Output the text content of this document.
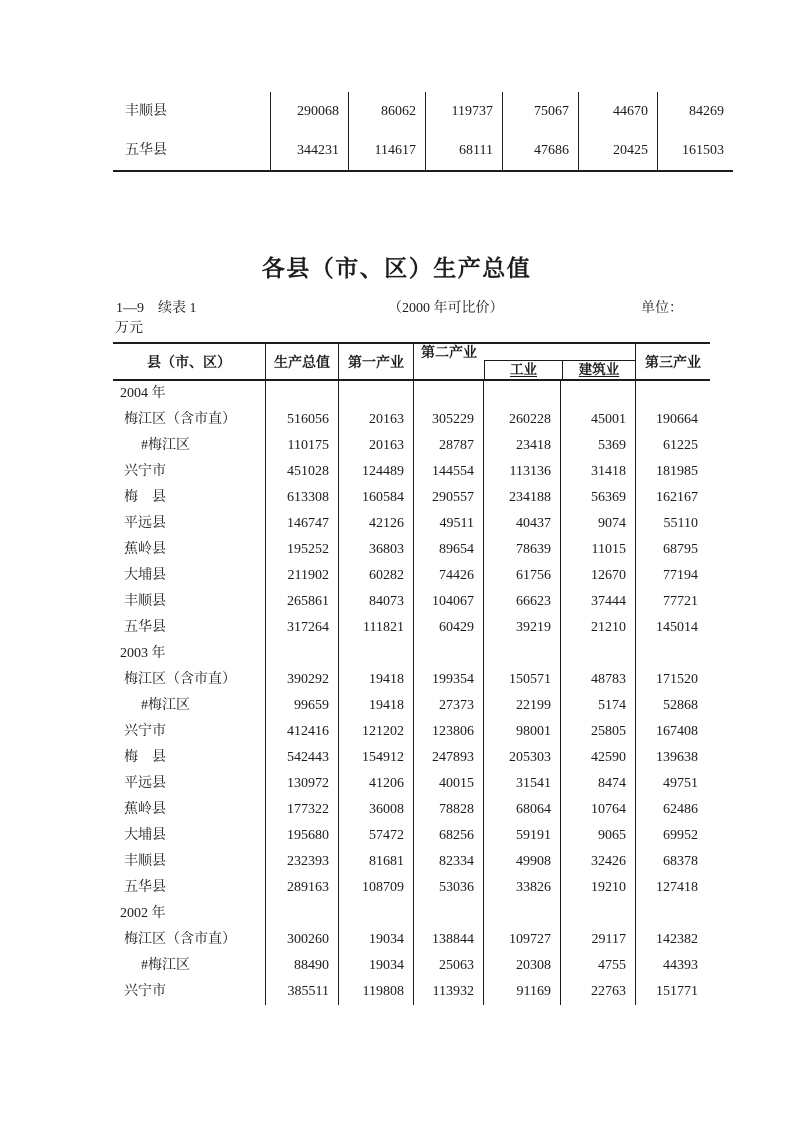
丰顺县	290068	86062	119737	75067	44670	84269
五华县	344231	114617	68111	47686	20425	161503
各县（市、区）生产总值
1—9　续表 1	（2000 年可比价）	单位：
万元
县（市、区）	生产总值	第一产业
第二产业
工业	建筑业	第三产业
2004 年
梅江区（含市直）	516056	20163	305229	260228	45001	190664
#梅江区	110175	20163	28787	23418	5369	61225
兴宁市	451028	124489	144554	113136	31418	181985
梅　县	613308	160584	290557	234188	56369	162167
平远县	146747	42126	49511	40437	9074	55110
蕉岭县	195252	36803	89654	78639	11015	68795
大埔县	211902	60282	74426	61756	12670	77194
丰顺县	265861	84073	104067	66623	37444	77721
五华县	317264	111821	60429	39219	21210	145014
2003 年
梅江区（含市直）	390292	19418	199354	150571	48783	171520
#梅江区	99659	19418	27373	22199	5174	52868
兴宁市	412416	121202	123806	98001	25805	167408
梅　县	542443	154912	247893	205303	42590	139638
平远县	130972	41206	40015	31541	8474	49751
蕉岭县	177322	36008	78828	68064	10764	62486
大埔县	195680	57472	68256	59191	9065	69952
丰顺县	232393	81681	82334	49908	32426	68378
五华县	289163	108709	53036	33826	19210	127418
2002 年
梅江区（含市直）	300260	19034	138844	109727	29117	142382
#梅江区	88490	19034	25063	20308	4755	44393
兴宁市	385511	119808	113932	91169	22763	151771
